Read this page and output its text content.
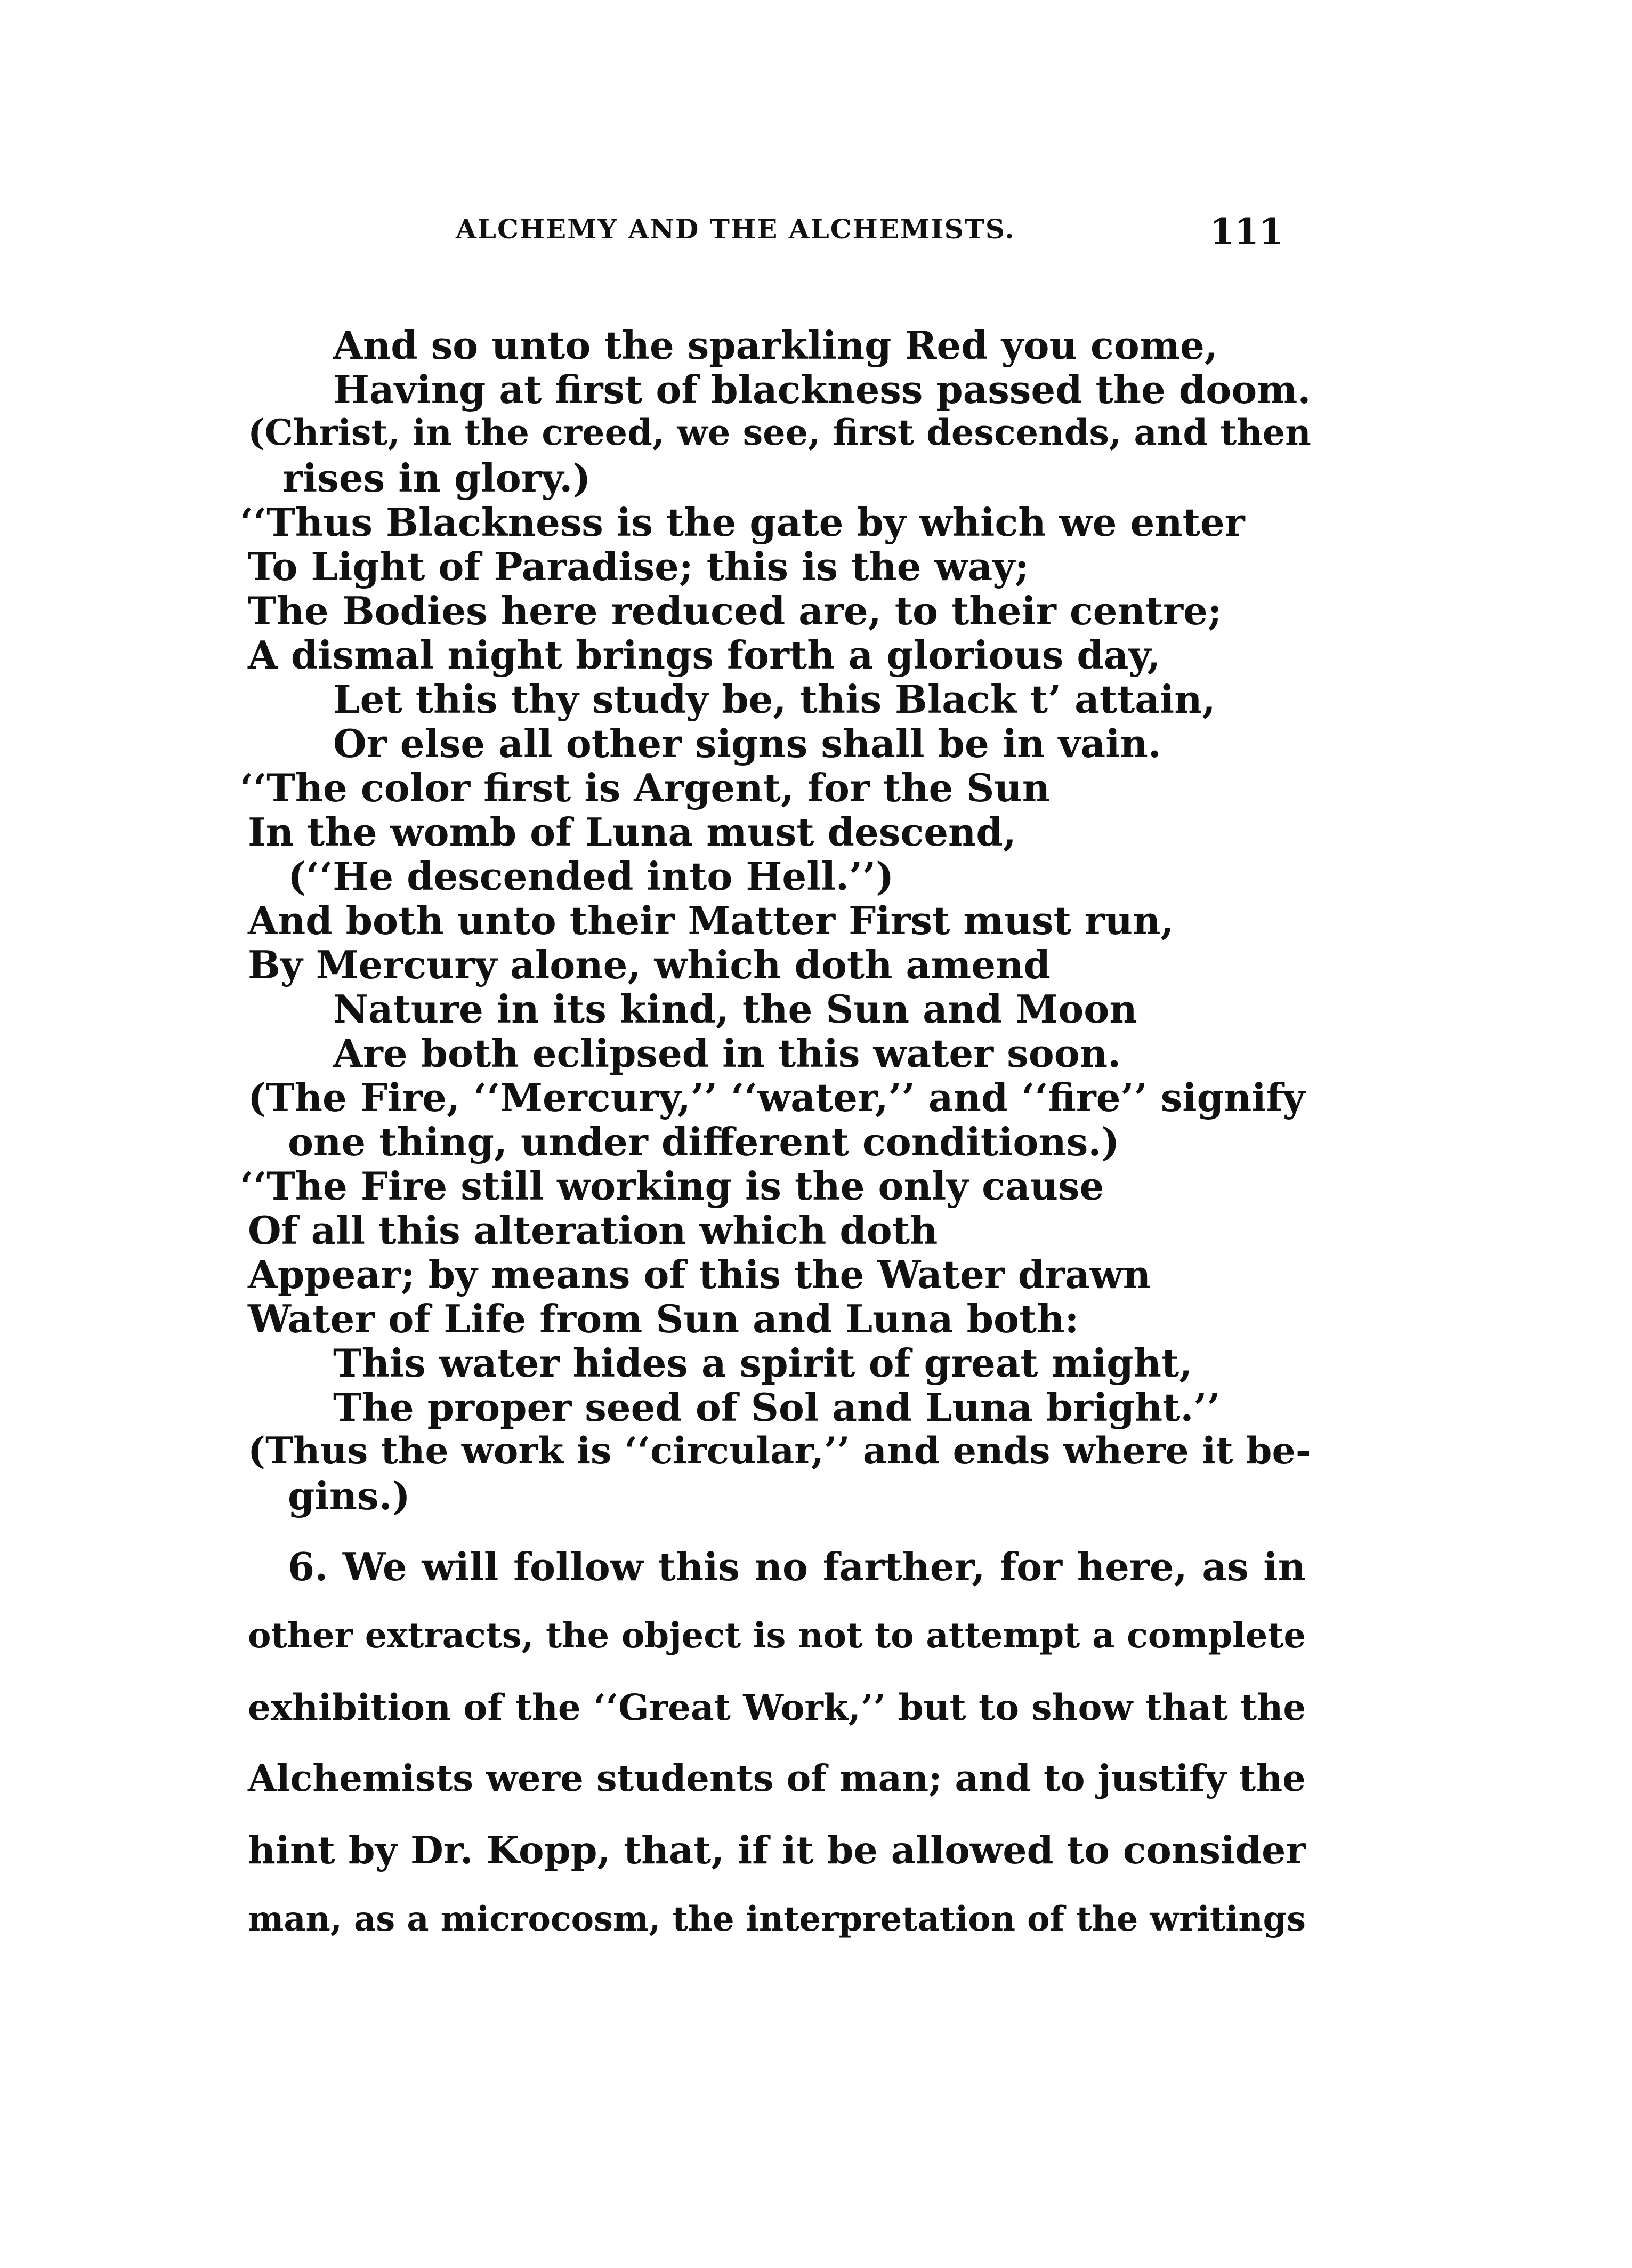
ALCHEMY AND THE ALCHEMISTS.	111
And so unto the sparkling Red you come,
Having at first of blackness passed the doom.
(Christ, in the creed, we see, first descends, and then
rises in glory.)
‘‘Thus Blackness is the gate by which we enter
To Light of Paradise; this is the way;
The Bodies here reduced are, to their centre;
A dismal night brings forth a glorious day,
Let this thy study be, this Black t’ attain,
Or else all other signs shall be in vain.
‘‘The color first is Argent, for the Sun
In the womb of Luna must descend,
(‘‘He descended into Hell.’’)
And both unto their Matter First must run,
By Mercury alone, which doth amend
Nature in its kind, the Sun and Moon
Are both eclipsed in this water soon.
(The Fire, ‘‘Mercury,’’ ‘‘water,’’ and ‘‘fire’’ signify
one thing, under different conditions.)
‘‘The Fire still working is the only cause
Of all this alteration which doth
Appear; by means of this the Water drawn
Water of Life from Sun and Luna both:
This water hides a spirit of great might,
The proper seed of Sol and Luna bright.’’
(Thus the work is ‘‘circular,’’ and ends where it be-
gins.)
6. We will follow this no farther, for here, as in
other extracts, the object is not to attempt a complete
exhibition of the ‘‘Great Work,’’ but to show that the
Alchemists were students of man; and to justify the
hint by Dr. Kopp, that, if it be allowed to consider
man, as a microcosm, the interpretation of the writings
